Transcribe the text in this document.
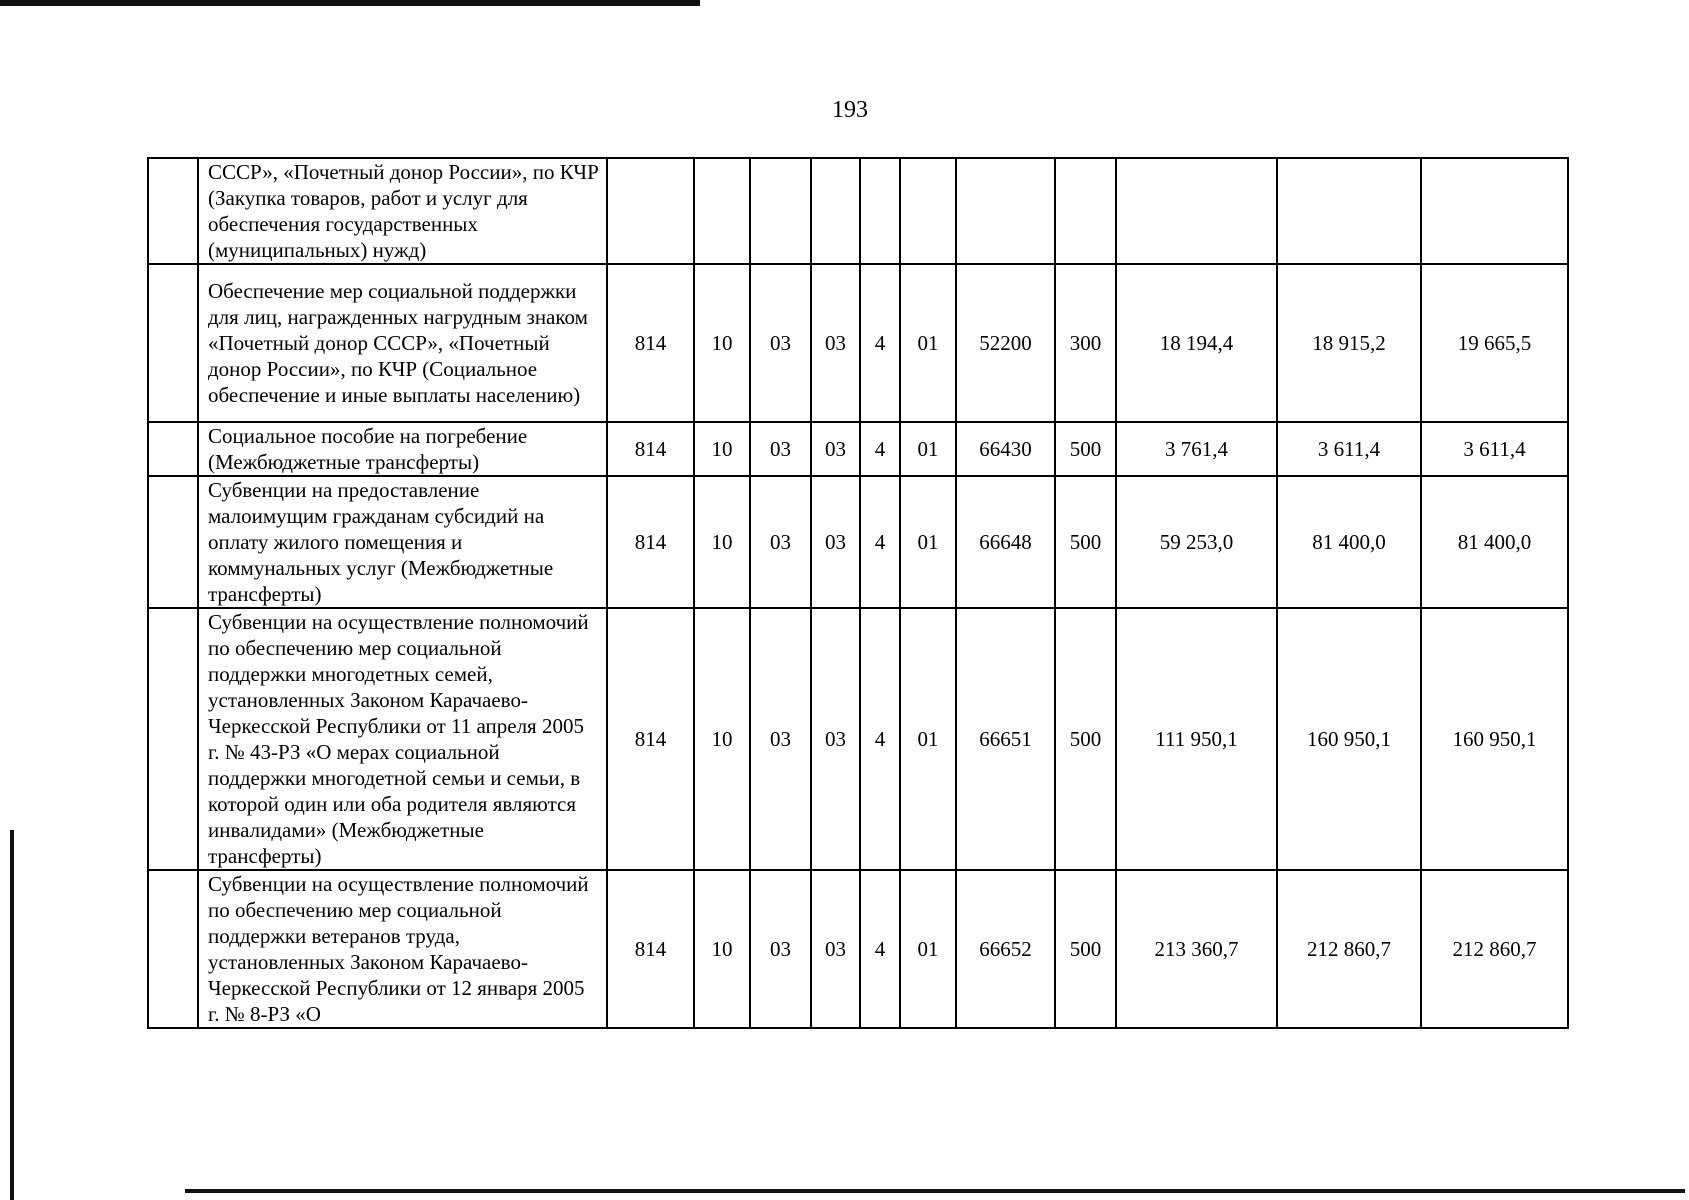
193
	СССР», «Почетный донор России», по КЧР (Закупка товаров, работ и услуг для обеспечения государственных (муниципальных) нужд)											
	Обеспечение мер социальной поддержки для лиц, награжденных нагрудным знаком «Почетный донор СССР», «Почетный донор России», по КЧР (Социальное обеспечение и иные выплаты населению)	814	10	03	03	4	01	52200	300	18 194,4	18 915,2	19 665,5
	Социальное пособие на погребение (Межбюджетные трансферты)	814	10	03	03	4	01	66430	500	3 761,4	3 611,4	3 611,4
	Субвенции на предоставление малоимущим гражданам субсидий на оплату жилого помещения и коммунальных услуг (Межбюджетные трансферты)	814	10	03	03	4	01	66648	500	59 253,0	81 400,0	81 400,0
	Субвенции на осуществление полномочий по обеспечению мер социальной поддержки многодетных семей, установленных Законом Карачаево-Черкесской Республики от 11 апреля 2005 г. № 43-РЗ «О мерах социальной поддержки многодетной семьи и семьи, в которой один или оба родителя являются инвалидами» (Межбюджетные трансферты)	814	10	03	03	4	01	66651	500	111 950,1	160 950,1	160 950,1
	Субвенции на осуществление полномочий по обеспечению мер социальной поддержки ветеранов труда, установленных Законом Карачаево-Черкесской Республики от 12 января 2005 г. № 8-РЗ «О	814	10	03	03	4	01	66652	500	213 360,7	212 860,7	212 860,7
